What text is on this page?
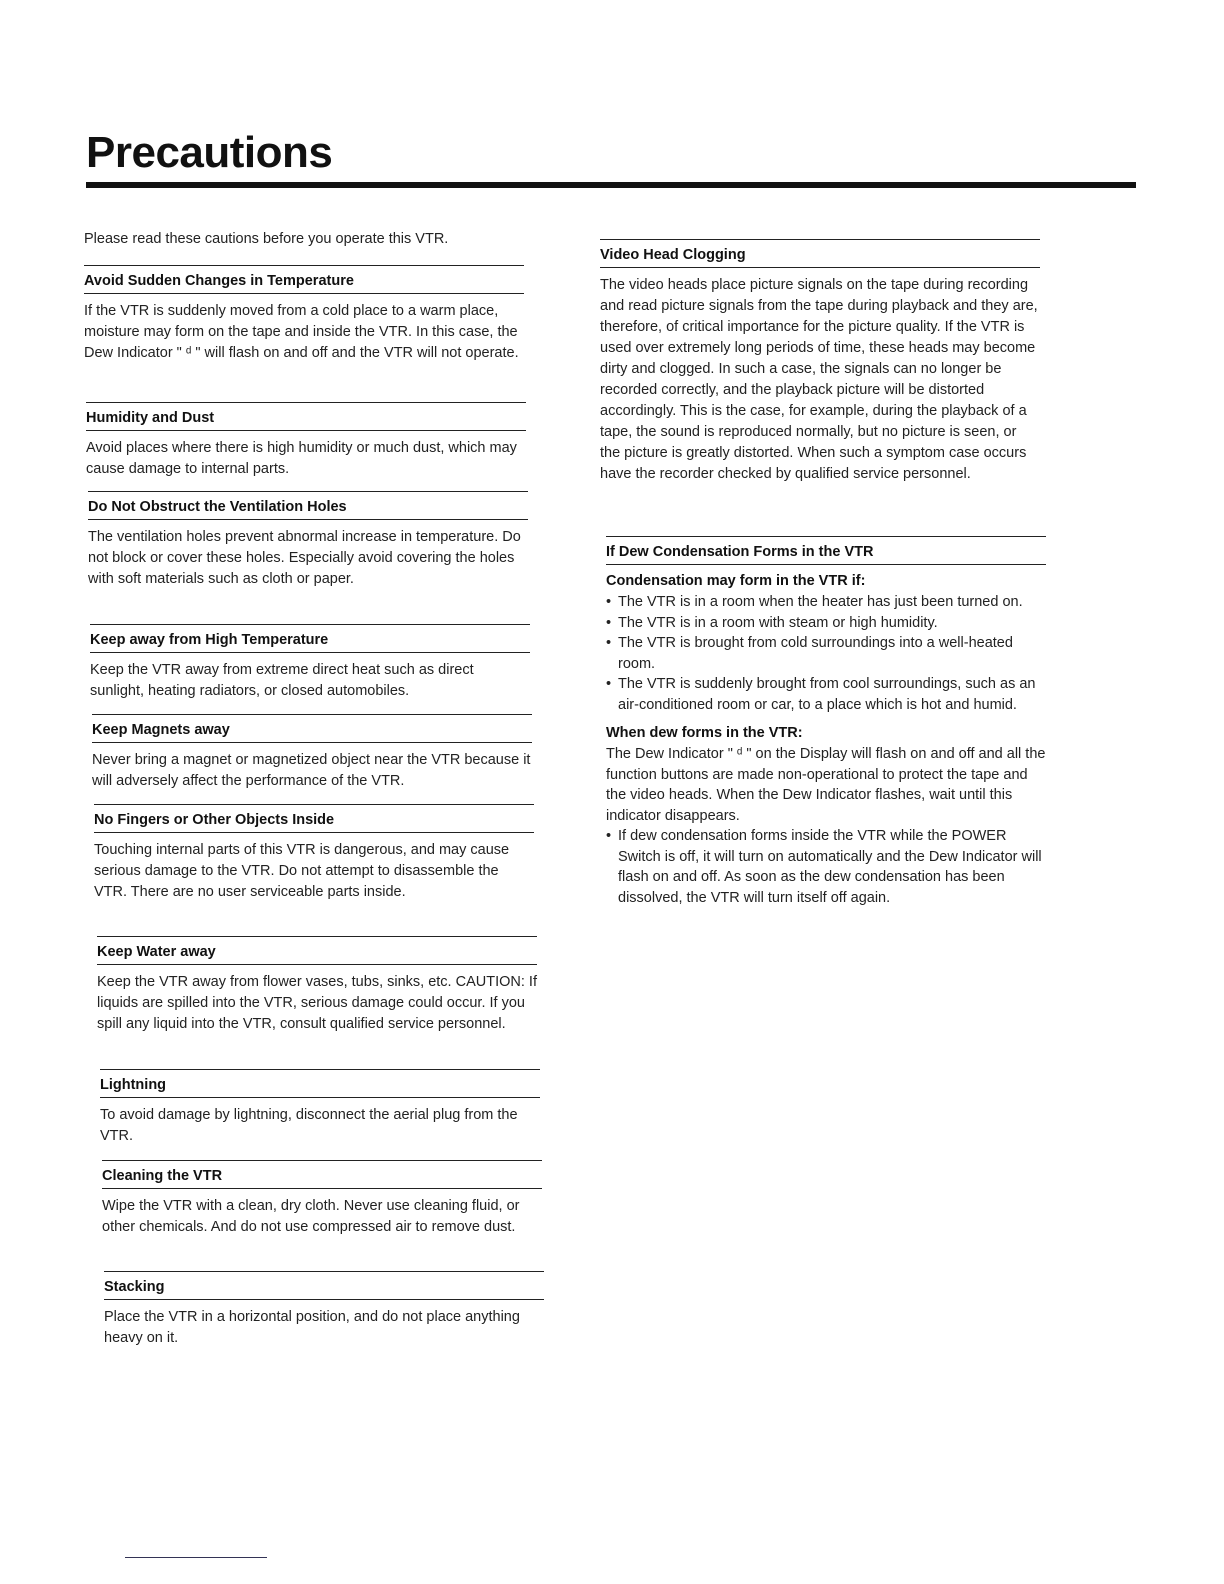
Precautions
Please read these cautions before you operate this VTR.
Avoid Sudden Changes in Temperature
If the VTR is suddenly moved from a cold place to a warm place, moisture may form on the tape and inside the VTR. In this case, the Dew Indicator " ᵈ " will flash on and off and the VTR will not operate.
Humidity and Dust
Avoid places where there is high humidity or much dust, which may cause damage to internal parts.
Do Not Obstruct the Ventilation Holes
The ventilation holes prevent abnormal increase in temperature. Do not block or cover these holes. Especially avoid covering the holes with soft materials such as cloth or paper.
Keep away from High Temperature
Keep the VTR away from extreme direct heat such as direct sunlight, heating radiators, or closed automobiles.
Keep Magnets away
Never bring a magnet or magnetized object near the VTR because it will adversely affect the performance of the VTR.
No Fingers or Other Objects Inside
Touching internal parts of this VTR is dangerous, and may cause serious damage to the VTR. Do not attempt to disassemble the VTR. There are no user serviceable parts inside.
Keep Water away
Keep the VTR away from flower vases, tubs, sinks, etc. CAUTION: If liquids are spilled into the VTR, serious damage could occur. If you spill any liquid into the VTR, consult qualified service personnel.
Lightning
To avoid damage by lightning, disconnect the aerial plug from the VTR.
Cleaning the VTR
Wipe the VTR with a clean, dry cloth. Never use cleaning fluid, or other chemicals. And do not use compressed air to remove dust.
Stacking
Place the VTR in a horizontal position, and do not place anything heavy on it.
Video Head Clogging
The video heads place picture signals on the tape during recording and read picture signals from the tape during playback and they are, therefore, of critical importance for the picture quality. If the VTR is used over extremely long periods of time, these heads may become dirty and clogged. In such a case, the signals can no longer be recorded correctly, and the playback picture will be distorted accordingly. This is the case, for example, during the playback of a tape, the sound is reproduced normally, but no picture is seen, or the picture is greatly distorted. When such a symptom case occurs have the recorder checked by qualified service personnel.
If Dew Condensation Forms in the VTR
Condensation may form in the VTR if:
• The VTR is in a room when the heater has just been turned on.
• The VTR is in a room with steam or high humidity.
• The VTR is brought from cold surroundings into a well-heated room.
• The VTR is suddenly brought from cool surroundings, such as an air-conditioned room or car, to a place which is hot and humid.
When dew forms in the VTR:
The Dew Indicator " ᵈ " on the Display will flash on and off and all the function buttons are made non-operational to protect the tape and the video heads. When the Dew Indicator flashes, wait until this indicator disappears.
• If dew condensation forms inside the VTR while the POWER Switch is off, it will turn on automatically and the Dew Indicator will flash on and off. As soon as the dew condensation has been dissolved, the VTR will turn itself off again.
